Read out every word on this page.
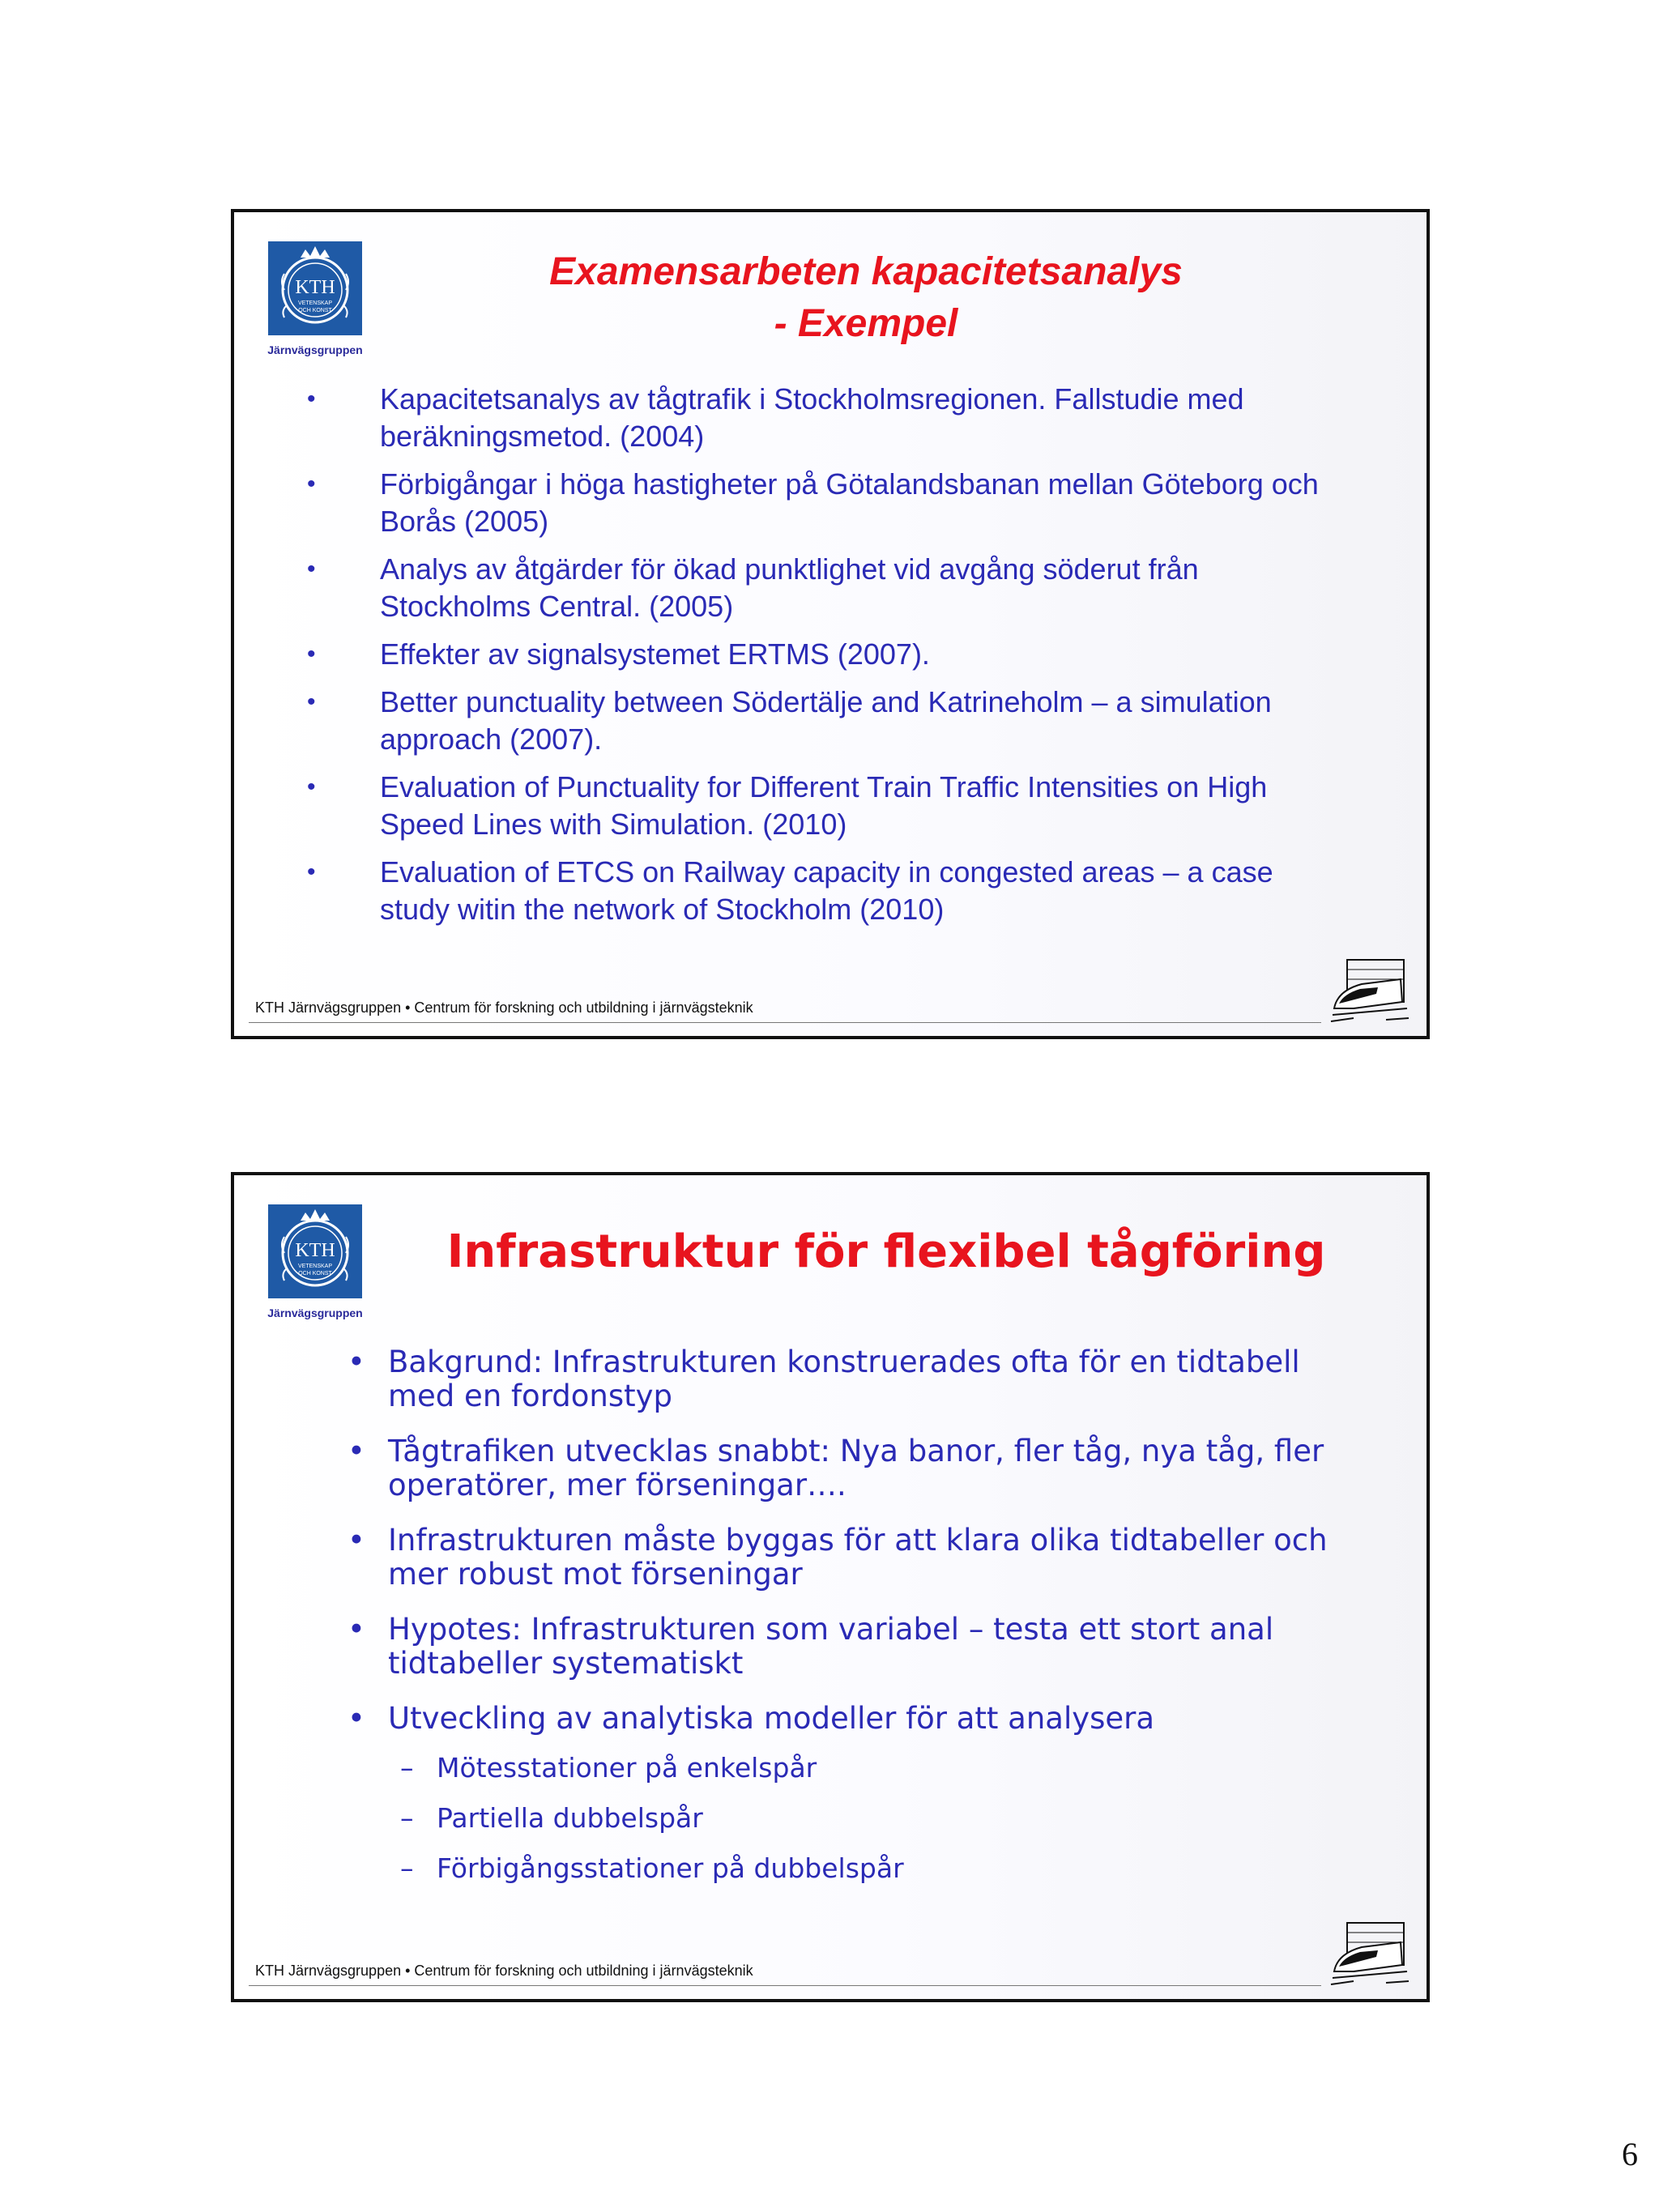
KTH
VETENSKAP
OCH KONST
Järnvägsgruppen
Examensarbeten kapacitetsanalys
- Exempel
• Kapacitetsanalys av tågtrafik i Stockholmsregionen. Fallstudie med beräkningsmetod. (2004)
• Förbigångar i höga hastigheter på Götalandsbanan mellan Göteborg och Borås (2005)
• Analys av åtgärder för ökad punktlighet vid avgång söderut från Stockholms Central. (2005)
• Effekter av signalsystemet ERTMS (2007).
• Better punctuality between Södertälje and Katrineholm – a simulation approach (2007).
• Evaluation of Punctuality for Different Train Traffic Intensities on High Speed Lines with Simulation. (2010)
• Evaluation of ETCS on Railway capacity in congested areas – a case study witin the network of Stockholm (2010)
KTH Järnvägsgruppen • Centrum för forskning och utbildning i järnvägsteknik
KTH
VETENSKAP
OCH KONST
Järnvägsgruppen
Infrastruktur för flexibel tågföring
• Bakgrund: Infrastrukturen konstruerades ofta för en tidtabell med en fordonstyp
• Tågtrafiken utvecklas snabbt: Nya banor, fler tåg, nya tåg, fler operatörer, mer förseningar….
• Infrastrukturen måste byggas för att klara olika tidtabeller och mer robust mot förseningar
• Hypotes: Infrastrukturen som variabel – testa ett stort anal tidtabeller systematiskt
• Utveckling av analytiska modeller för att analysera
– Mötesstationer på enkelspår
– Partiella dubbelspår
– Förbigångsstationer på dubbelspår
KTH Järnvägsgruppen • Centrum för forskning och utbildning i järnvägsteknik
6
